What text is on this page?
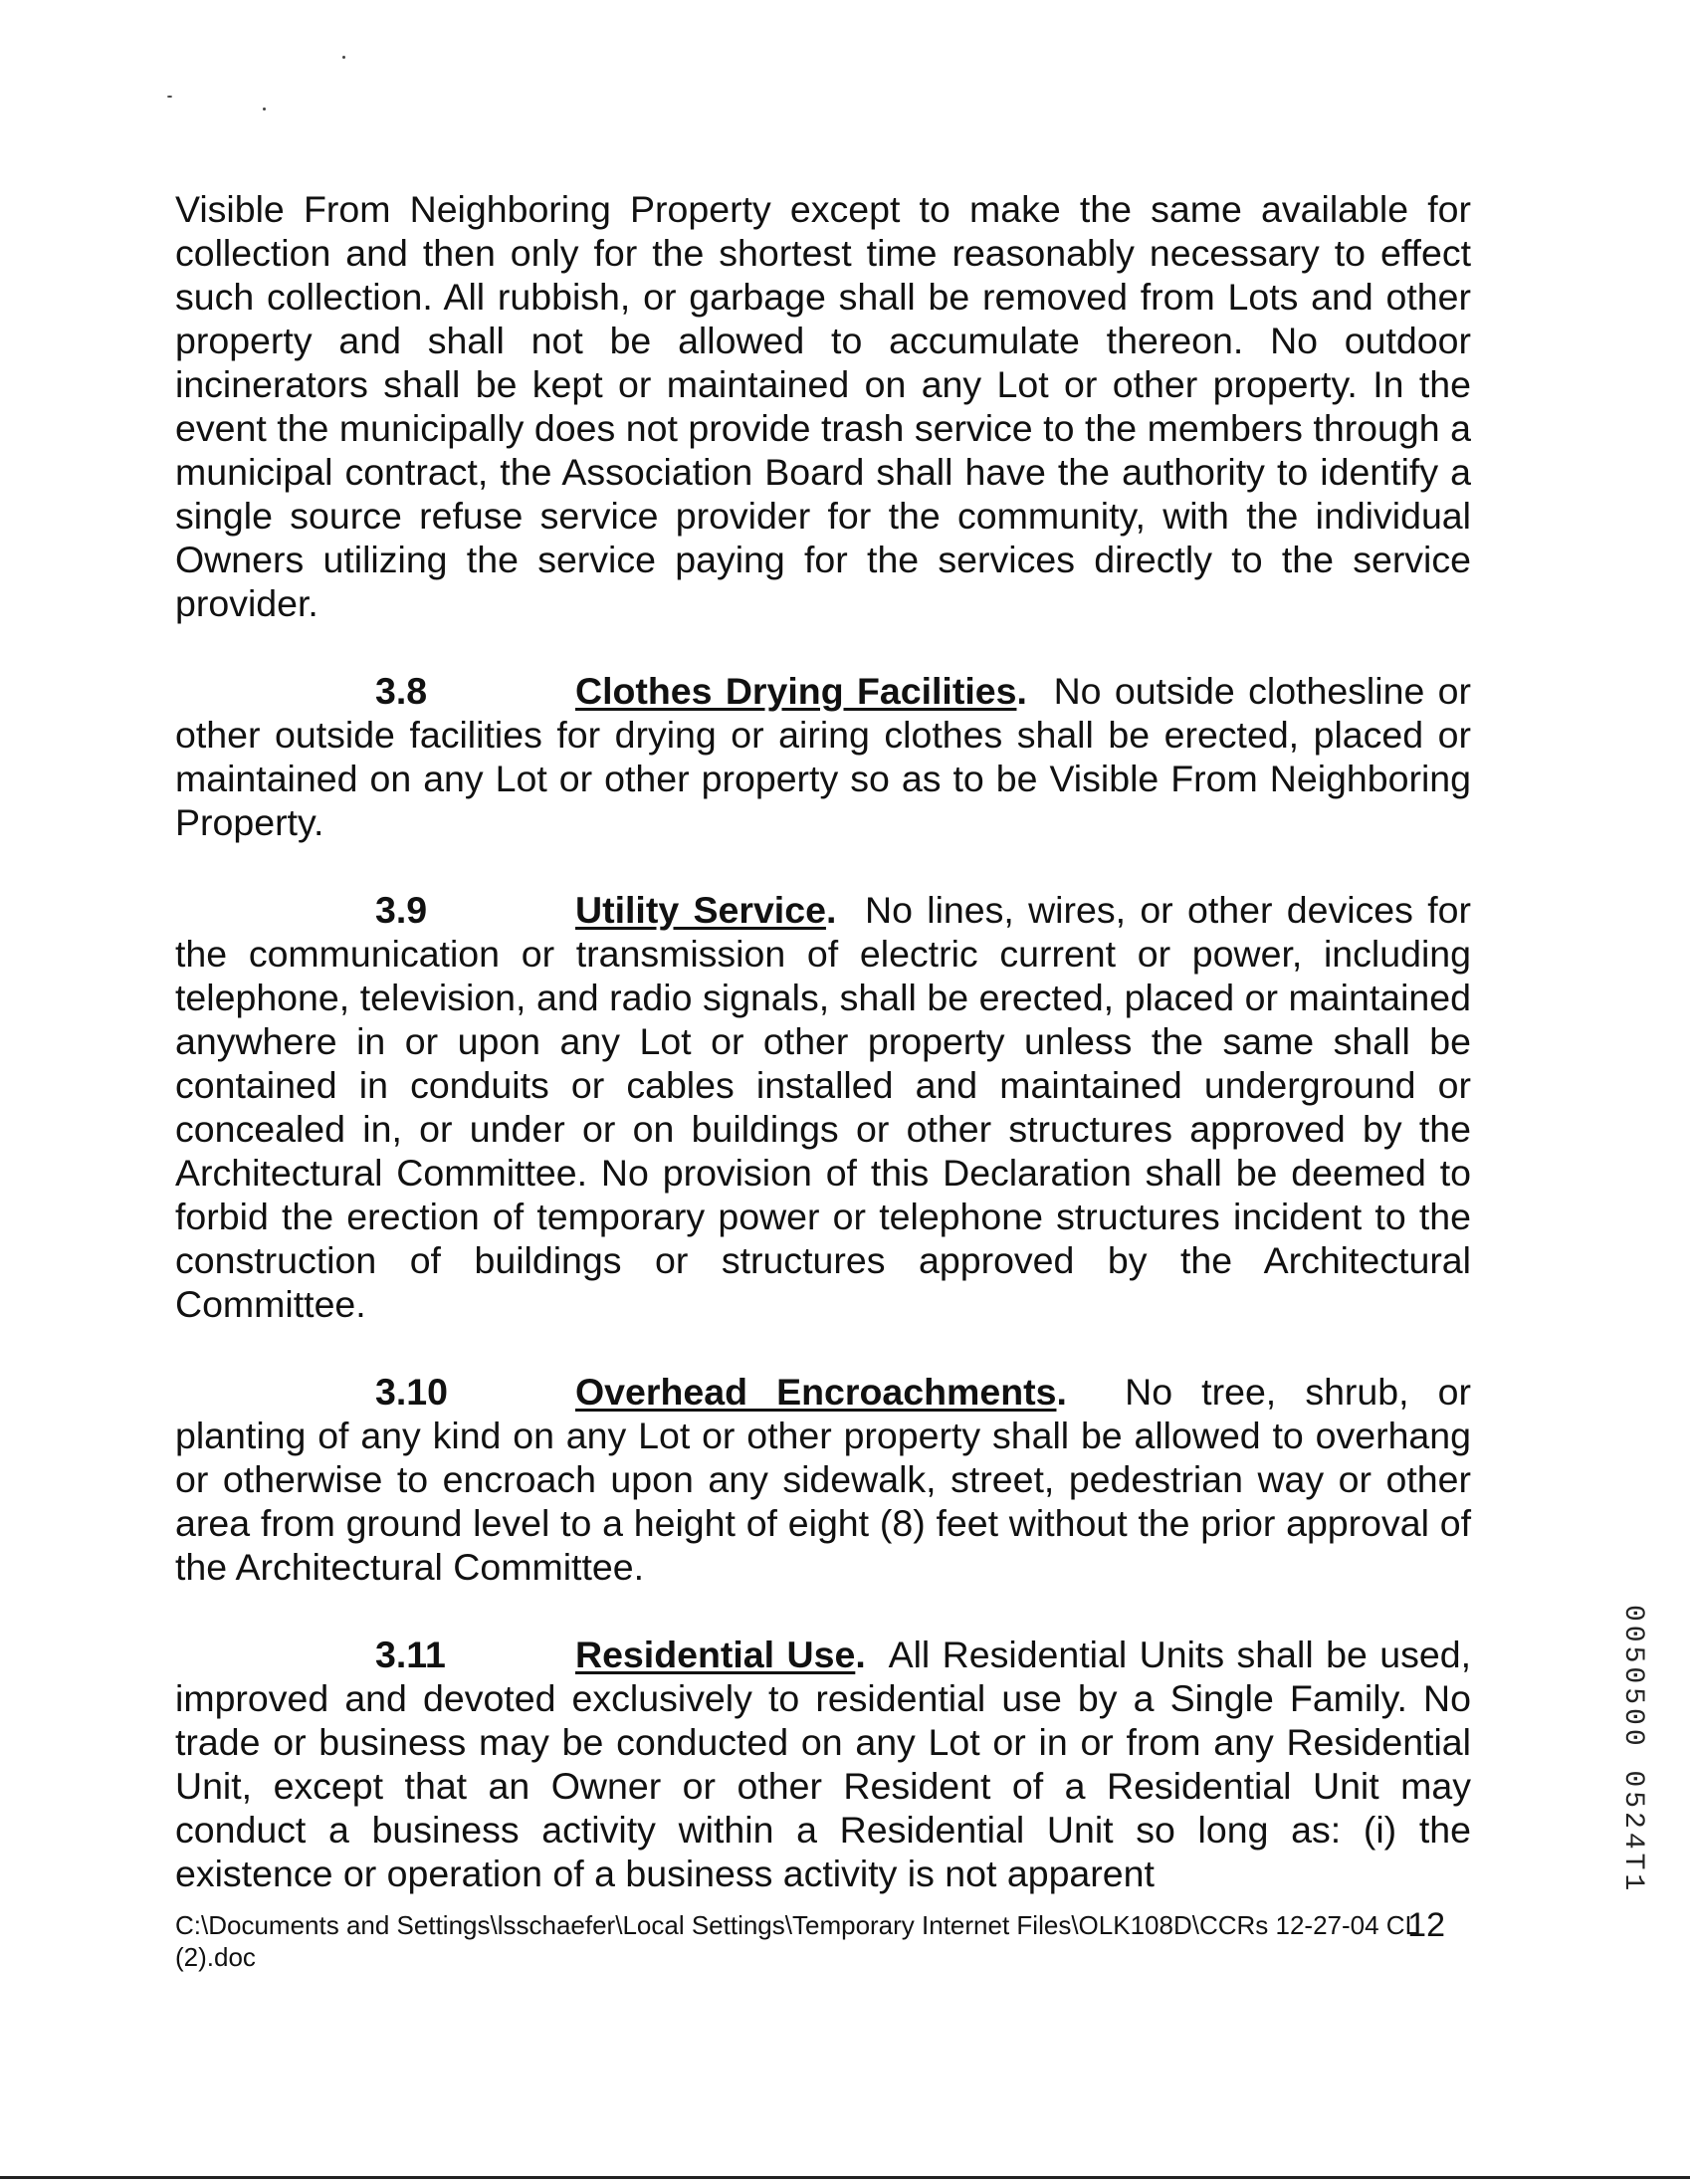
Visible From Neighboring Property except to make the same available for collection and then only for the shortest time reasonably necessary to effect such collection. All rubbish, or garbage shall be removed from Lots and other property and shall not be allowed to accumulate thereon. No outdoor incinerators shall be kept or maintained on any Lot or other property. In the event the municipally does not provide trash service to the members through a municipal contract, the Association Board shall have the authority to identify a single source refuse service provider for the community, with the individual Owners utilizing the service paying for the services directly to the service provider.

3.8	Clothes Drying Facilities. No outside clothesline or other outside facilities for drying or airing clothes shall be erected, placed or maintained on any Lot or other property so as to be Visible From Neighboring Property.

3.9	Utility Service. No lines, wires, or other devices for the communication or transmission of electric current or power, including telephone, television, and radio signals, shall be erected, placed or maintained anywhere in or upon any Lot or other property unless the same shall be contained in conduits or cables installed and maintained underground or concealed in, or under or on buildings or other structures approved by the Architectural Committee. No provision of this Declaration shall be deemed to forbid the erection of temporary power or telephone structures incident to the construction of buildings or structures approved by the Architectural Committee.

3.10	Overhead Encroachments. No tree, shrub, or planting of any kind on any Lot or other property shall be allowed to overhang or otherwise to encroach upon any sidewalk, street, pedestrian way or other area from ground level to a height of eight (8) feet without the prior approval of the Architectural Committee.

3.11	Residential Use. All Residential Units shall be used, improved and devoted exclusively to residential use by a Single Family. No trade or business may be conducted on any Lot or in or from any Residential Unit, except that an Owner or other Resident of a Residential Unit may conduct a business activity within a Residential Unit so long as: (i) the existence or operation of a business activity is not apparent

C:\Documents and Settings\lsschaefer\Local Settings\Temporary Internet Files\OLK108D\CCRs 12-27-04 CL (2).doc
12
0050500 0524T1
